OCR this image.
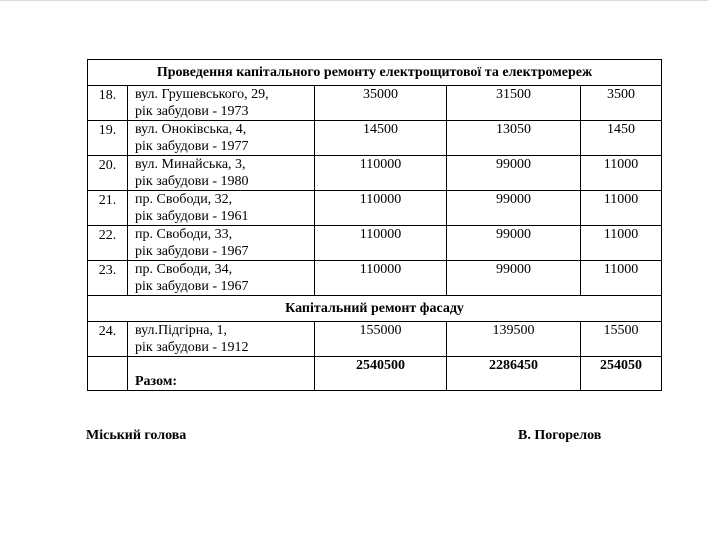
Проведення капітального ремонту електрощитової та електромереж				
18.	вул. Грушевського, 29,
рік забудови - 1973	35000	31500	3500
19.	вул. Оноківська, 4,
рік забудови - 1977	14500	13050	1450
20.	вул. Минайська, 3,
рік забудови - 1980	110000	99000	11000
21.	пр. Свободи, 32,
рік забудови - 1961	110000	99000	11000
22.	пр. Свободи, 33,
рік забудови - 1967	110000	99000	11000
23.	пр. Свободи, 34,
рік забудови - 1967	110000	99000	11000
Капітальний ремонт фасаду				
24.	вул.Підгірна, 1,
рік забудови - 1912	155000	139500	15500
	Разом:	2540500	2286450	254050
Міський голова	В. Погорелов
